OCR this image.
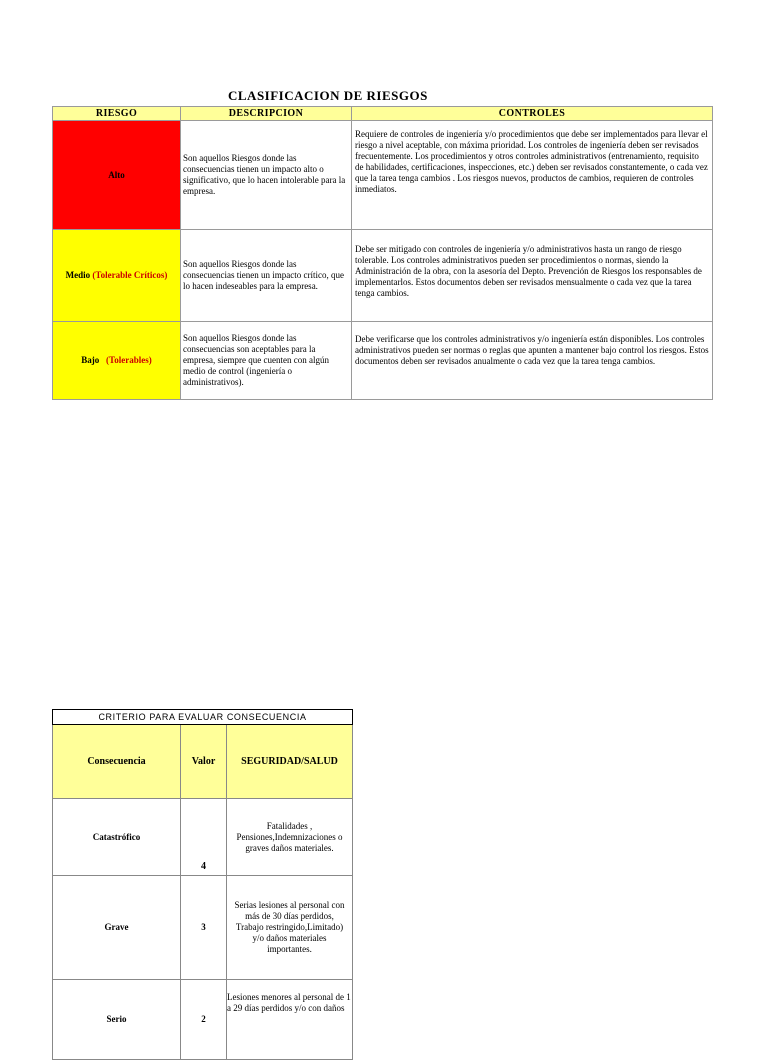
CLASIFICACION DE RIESGOS
RIESGO	DESCRIPCION	CONTROLES
Alto	Son aquellos Riesgos donde las consecuencias tienen un impacto alto o significativo, que lo hacen intolerable para la empresa.	Requiere de controles de ingeniería y/o procedimientos que debe ser implementados para llevar el riesgo a nivel aceptable, con máxima prioridad. Los controles de ingeniería deben ser revisados frecuentemente. Los procedimientos y otros controles administrativos (entrenamiento, requisito de habilidades, certificaciones, inspecciones, etc.) deben ser revisados constantemente, o cada vez que la tarea tenga cambios . Los riesgos nuevos, productos de cambios, requieren de controles inmediatos.
Medio (Tolerable Críticos)	Son aquellos Riesgos donde las consecuencias tienen un impacto crítico, que lo hacen indeseables para la empresa.	Debe ser mitigado con controles de ingeniería y/o administrativos hasta un rango de riesgo tolerable. Los controles administrativos pueden ser procedimientos o normas, siendo la Administración de la obra, con la asesoría del Depto. Prevención de Riesgos los responsables de implementarlos. Estos documentos deben ser revisados mensualmente o cada vez que la tarea tenga cambios.
Bajo (Tolerables)	Son aquellos Riesgos donde las consecuencias son aceptables para la empresa, siempre que cuenten con algún medio de control (ingeniería o administrativos).	Debe verificarse que los controles administrativos y/o ingeniería están disponibles. Los controles administrativos pueden ser normas o reglas que apunten a mantener bajo control los riesgos. Estos documentos deben ser revisados anualmente o cada vez que la tarea tenga cambios.
CRITERIO PARA EVALUAR CONSECUENCIA		
Consecuencia	Valor	SEGURIDAD/SALUD
Catastrófico	4	Fatalidades , Pensiones,Indemnizaciones o graves daños materiales.
Grave	3	Serias lesiones al personal con más de 30 días perdidos, Trabajo restringido,Limitado) y/o daños materiales importantes.
Serio	2	Lesiones menores al personal de 1 a 29 días perdidos y/o con daños
